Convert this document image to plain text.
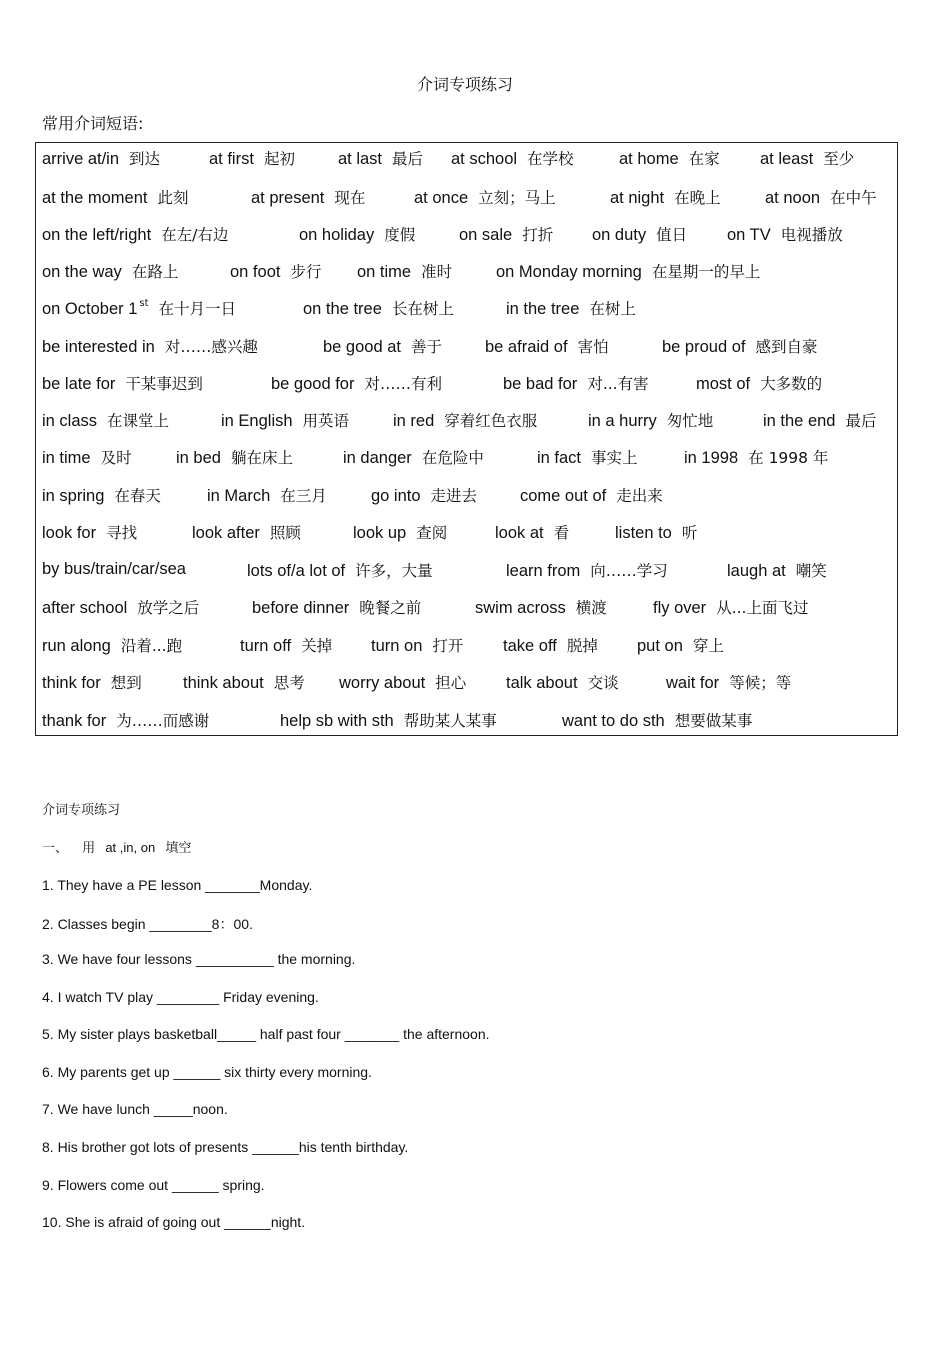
介词专项练习
常用介词短语:
arrive at/in 到达	at first 起初	at last 最后 at school 在学校	at home 在家 at least 至少
at the moment 此刻	at present 现在	at once 立刻；马上	at night 在晚上	at noon 在中午
on the left/right 在左/右边	on holiday 度假	on sale 打折 on duty 值日 on TV 电视播放
on the way 在路上	on foot 步行 on time 准时	on Monday morning 在星期一的早上
on October 1 $^{st}$ 在十月一日	on the tree 长在树上	in the tree 在树上
be interested in 对……感兴趣	be good at 善于	be afraid of 害怕	be proud of 感到自豪
be late for 干某事迟到	be good for 对……有利	be bad for 对...有害	most of 大多数的
in class 在课堂上	in English 用英语	in red 穿着红色衣服	in a hurry 匆忙地	in the end 最后
in time 及时	in bed 躺在床上	in danger 在危险中	in fact 事实上	in 1998 在 1998 年
in spring 在春天	in March 在三月	go into 走进去	come out of 走出来
look for 寻找	look after 照顾	look up 查阅	look at 看	listen to 听
by bus/train/car/sea	lots of/a lot of 许多，大量	learn from 向……学习	laugh at 嘲笑
after school 放学之后	before dinner 晚餐之前	swim across 横渡	fly over 从...上面飞过
run along 沿着...跑	turn off 关掉 turn on 打开 take off 脱掉 put on 穿上
think for 想到	think about 思考 worry about 担心 talk about 交谈	wait for 等候；等
thank for 为……而感谢	help sb with sth 帮助某人某事	want to do sth 想要做某事
介词专项练习
一、 用 at ,in, on 填空
1. They have a PE lesson _______Monday.
2. Classes begin ________8：00.
3. We have four lessons __________ the morning.
4. I watch TV play ________ Friday evening.
5. My sister plays basketball_____ half past four _______ the afternoon.
6. My parents get up ______ six thirty every morning.
7. We have lunch _____noon.
8. His brother got lots of presents ______his tenth birthday.
9. Flowers come out ______ spring.
10. She is afraid of going out ______night.
